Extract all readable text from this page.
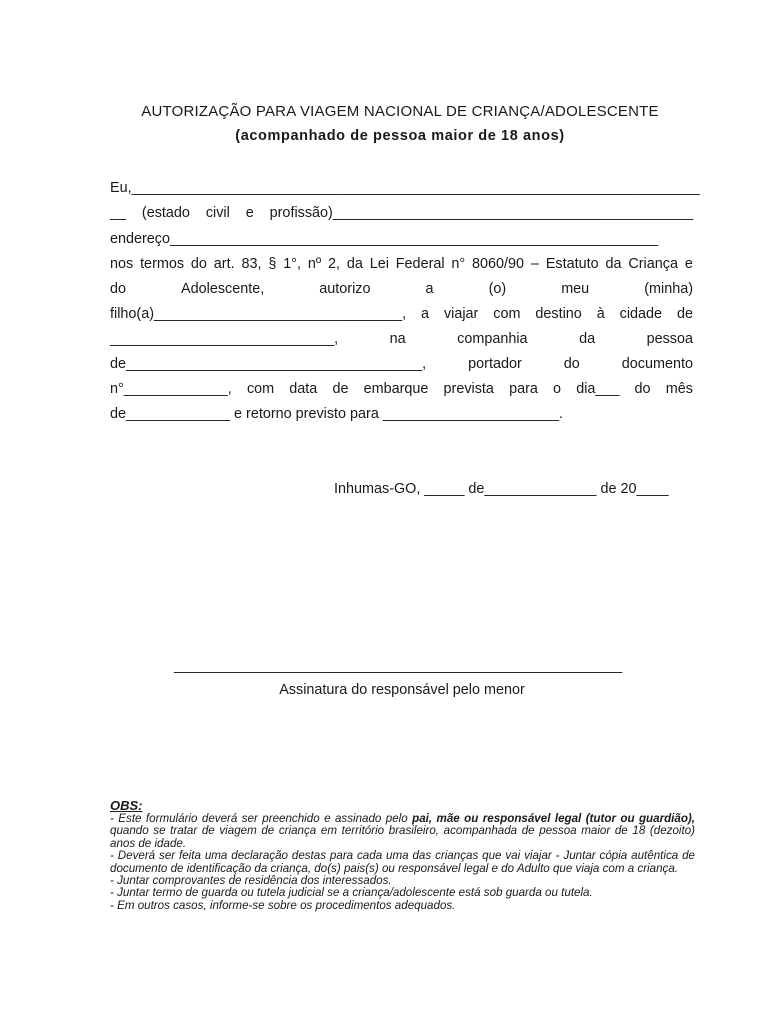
AUTORIZAÇÃO PARA VIAGEM NACIONAL DE CRIANÇA/ADOLESCENTE
(acompanhado de pessoa maior de 18 anos)
Eu,_______________________________________________________________________
__ (estado civil e profissão)_____________________________________________
endereço_____________________________________________________________
nos termos do art. 83, § 1°, nº 2, da Lei Federal n° 8060/90 – Estatuto da Criança e
do	Adolescente,	autorizo	a	(o)	meu	(minha)
filho(a)_______________________________, a viajar com destino à cidade de
____________________________,	na	companhia	da	pessoa
de_____________________________________,	portador	do	documento
n°_____________, com data de embarque prevista para o dia___ do mês
de_____________ e retorno previsto para ______________________.
Inhumas-GO, _____ de______________ de 20____
________________________________________________________
Assinatura do responsável pelo menor
OBS:

- Este formulário deverá ser preenchido e assinado pelo pai, mãe ou responsável legal (tutor ou guardião), quando se tratar de viagem de criança em território brasileiro, acompanhada de pessoa maior de 18 (dezoito) anos de idade.

- Deverá ser feita uma declaração destas para cada uma das crianças que vai viajar - Juntar cópia autêntica de documento de identificação da criança, do(s) pais(s) ou responsável legal e do Adulto que viaja com a criança.

- Juntar comprovantes de residência dos interessados.

- Juntar termo de guarda ou tutela judicial se a criança/adolescente está sob guarda ou tutela.

- Em outros casos, informe-se sobre os procedimentos adequados.
